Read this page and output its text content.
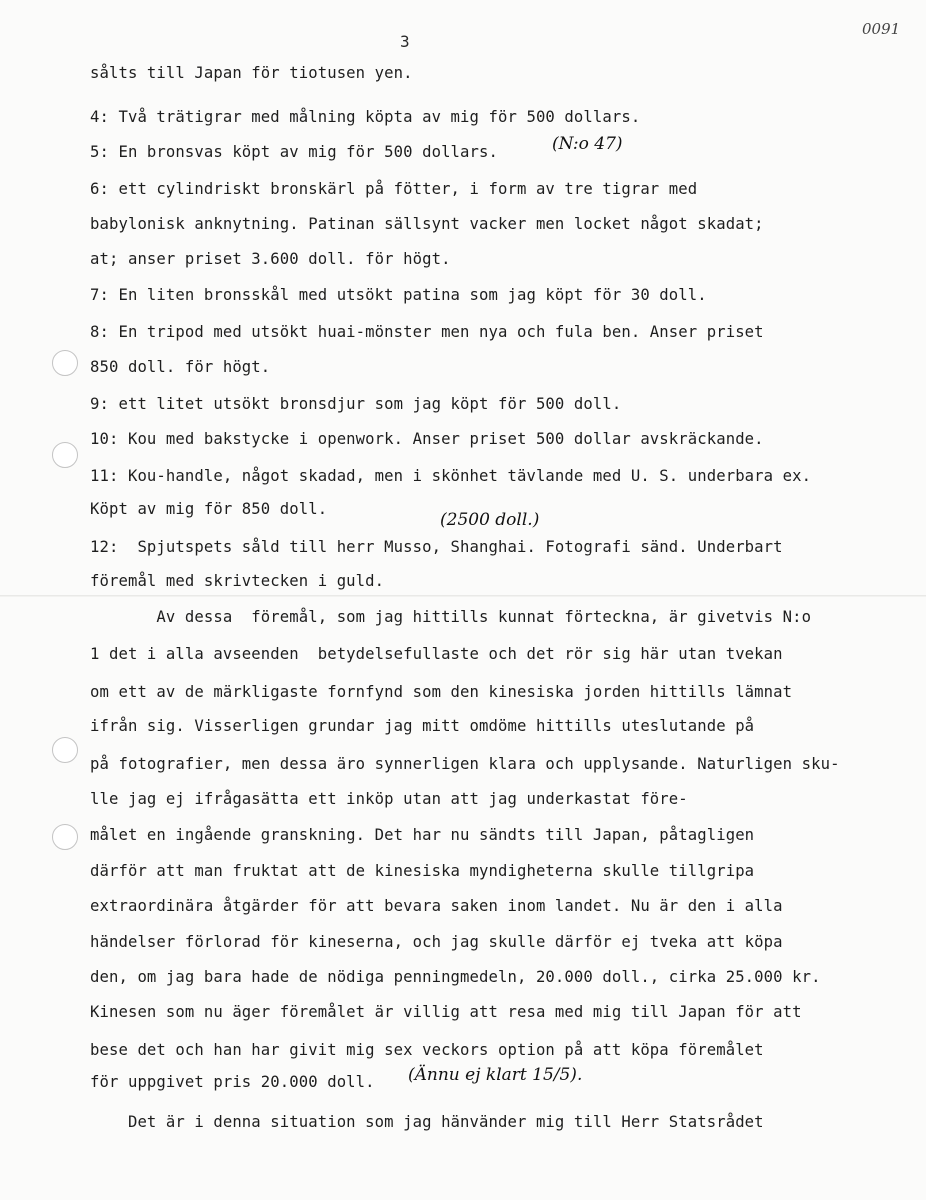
3
0091
sålts till Japan för tiotusen yen.
4: Två trätigrar med målning köpta av mig för 500 dollars.
5: En bronsvas köpt av mig för 500 dollars.
6: ett cylindriskt bronskärl på fötter, i form av tre tigrar med
babylonisk anknytning. Patinan sällsynt vacker men locket något skadat;
at; anser priset 3.600 doll. för högt.
7: En liten bronsskål med utsökt patina som jag köpt för 30 doll.
8: En tripod med utsökt huai-mönster men nya och fula ben. Anser priset
850 doll. för högt.
9: ett litet utsökt bronsdjur som jag köpt för 500 doll.
10: Kou med bakstycke i openwork. Anser priset 500 dollar avskräckande.
11: Kou-handle, något skadad, men i skönhet tävlande med U. S. underbara ex.
Köpt av mig för 850 doll.
12:  Spjutspets såld till herr Musso, Shanghai. Fotografi sänd. Underbart
föremål med skrivtecken i guld.
Av dessa  föremål, som jag hittills kunnat förteckna, är givetvis N:o
1 det i alla avseenden  betydelsefullaste och det rör sig här utan tvekan
om ett av de märkligaste fornfynd som den kinesiska jorden hittills lämnat
ifrån sig. Visserligen grundar jag mitt omdöme hittills uteslutande på
på fotografier, men dessa äro synnerligen klara och upplysande. Naturligen sku-
lle jag ej ifrågasätta ett inköp utan att jag underkastat före-
målet en ingående granskning. Det har nu sändts till Japan, påtagligen
därför att man fruktat att de kinesiska myndigheterna skulle tillgripa
extraordinära åtgärder för att bevara saken inom landet. Nu är den i alla
händelser förlorad för kineserna, och jag skulle därför ej tveka att köpa
den, om jag bara hade de nödiga penningmedeln, 20.000 doll., cirka 25.000 kr.
Kinesen som nu äger föremålet är villig att resa med mig till Japan för att
bese det och han har givit mig sex veckors option på att köpa föremålet
för uppgivet pris 20.000 doll.
Det är i denna situation som jag hänvänder mig till Herr Statsrådet
(N:o 47)
(2500 doll.)
(Ännu ej klart 15/5).
